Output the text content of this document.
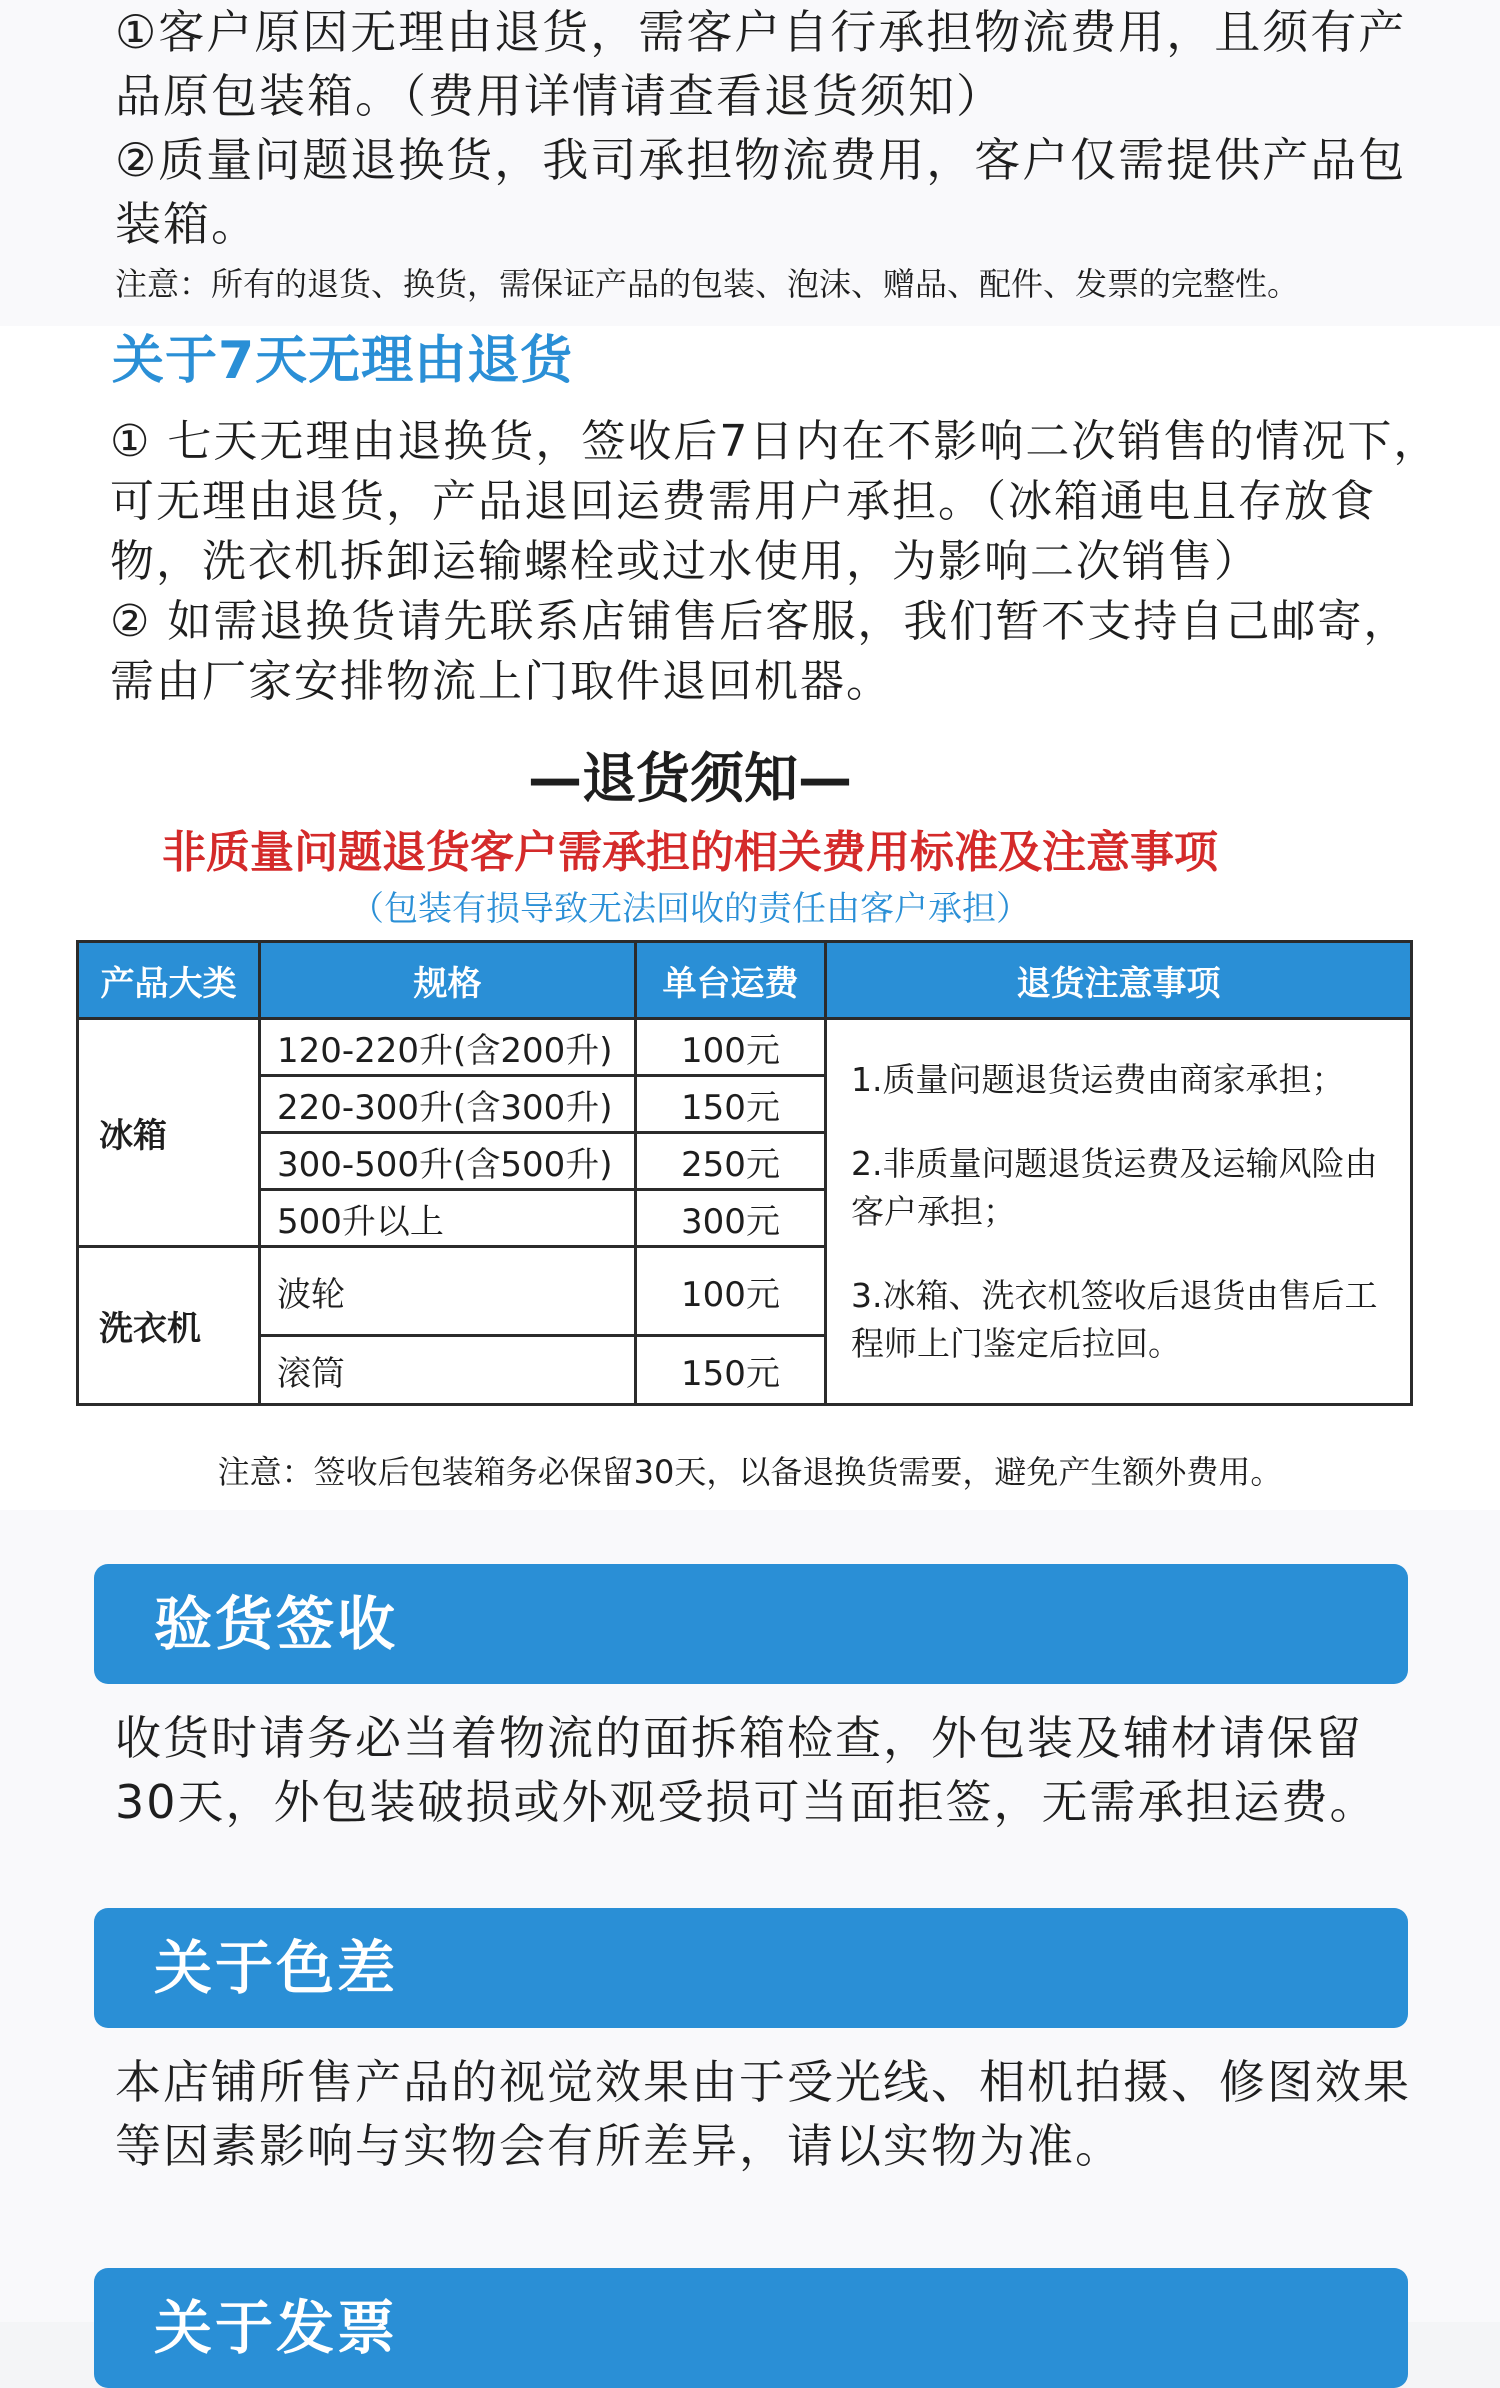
①客户原因无理由退货，需客户自行承担物流费用，且须有产品原包装箱。（费用详情请查看退货须知）

②质量问题退换货，我司承担物流费用，客户仅需提供产品包装箱。

注意：所有的退货、换货，需保证产品的包装、泡沫、赠品、配件、发票的完整性。

关于7天无理由退货

① 七天无理由退换货，签收后7日内在不影响二次销售的情况下，可无理由退货，产品退回运费需用户承担。（冰箱通电且存放食物，洗衣机拆卸运输螺栓或过水使用，为影响二次销售）

② 如需退换货请先联系店铺售后客服，我们暂不支持自己邮寄，需由厂家安排物流上门取件退回机器。

—退货须知—
非质量问题退货客户需承担的相关费用标准及注意事项

（包装有损导致无法回收的责任由客户承担）

产品大类	规格	单台运费	退货注意事项
冰箱	120-220升(含200升)	100元	1.质量问题退货运费由商家承担；

2.非质量问题退货运费及运输风险由客户承担；

3.冰箱、洗衣机签收后退货由售后工程师上门鉴定后拉回。

	220-300升(含300升)	150元	
	300-500升(含500升)	250元	
	500升以上	300元	
洗衣机	波轮	100元	
	滚筒	150元	

注意：签收后包装箱务必保留30天，以备退换货需要，避免产生额外费用。

验货签收

收货时请务必当着物流的面拆箱检查，外包装及辅材请保留30天，外包装破损或外观受损可当面拒签，无需承担运费。

关于色差

本店铺所售产品的视觉效果由于受光线、相机拍摄、修图效果等因素影响与实物会有所差异，请以实物为准。

关于发票
